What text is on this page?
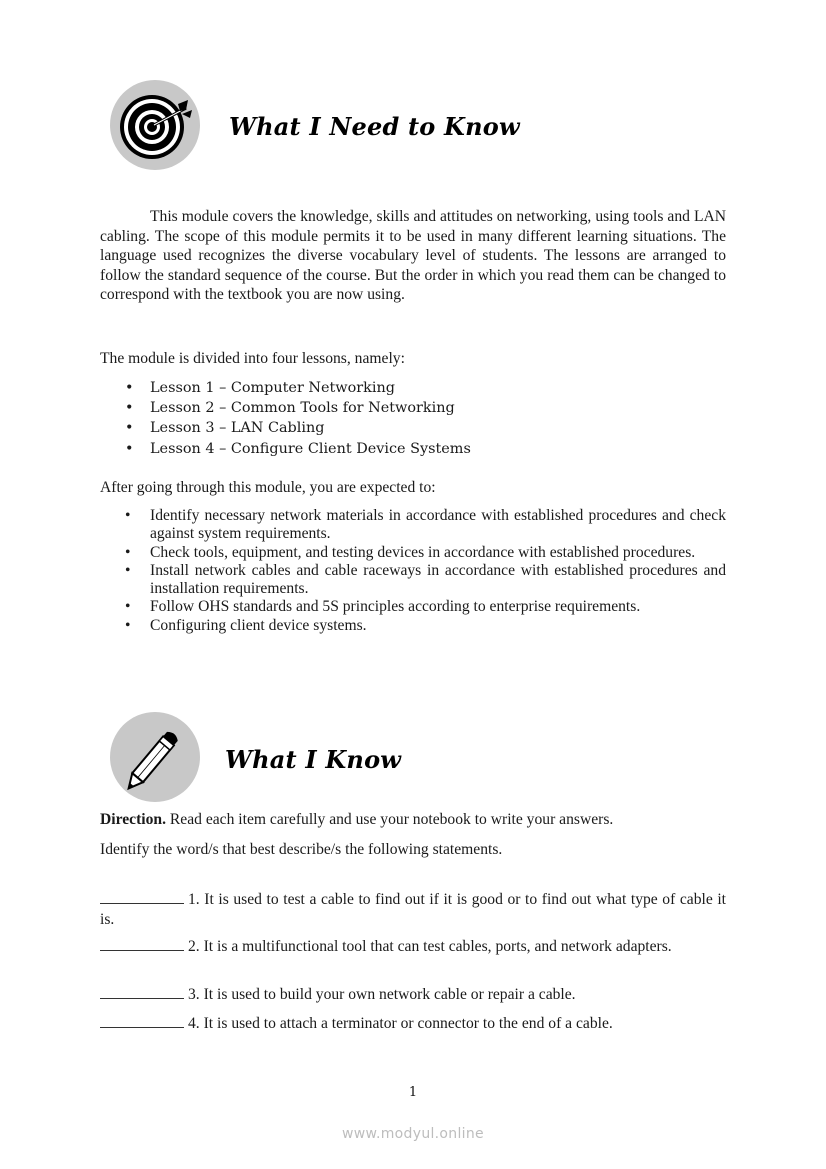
What I Need to Know

This module covers the knowledge, skills and attitudes on networking, using tools and LAN cabling. The scope of this module permits it to be used in many different learning situations. The language used recognizes the diverse vocabulary level of students. The lessons are arranged to follow the standard sequence of the course. But the order in which you read them can be changed to correspond with the textbook you are now using.

The module is divided into four lessons, namely:

• Lesson 1 – Computer Networking
• Lesson 2 – Common Tools for Networking
• Lesson 3 – LAN Cabling
• Lesson 4 – Configure Client Device Systems

After going through this module, you are expected to:

• Identify necessary network materials in accordance with established procedures and check against system requirements.
• Check tools, equipment, and testing devices in accordance with established procedures.
• Install network cables and cable raceways in accordance with established procedures and installation requirements.
• Follow OHS standards and 5S principles according to enterprise requirements.
• Configuring client device systems.
What I Know

Direction. Read each item carefully and use your notebook to write your answers.

Identify the word/s that best describe/s the following statements.

1. It is used to test a cable to find out if it is good or to find out what type of cable it is.
2. It is a multifunctional tool that can test cables, ports, and network adapters.
3. It is used to build your own network cable or repair a cable.
4. It is used to attach a terminator or connector to the end of a cable.
1
www.modyul.online
